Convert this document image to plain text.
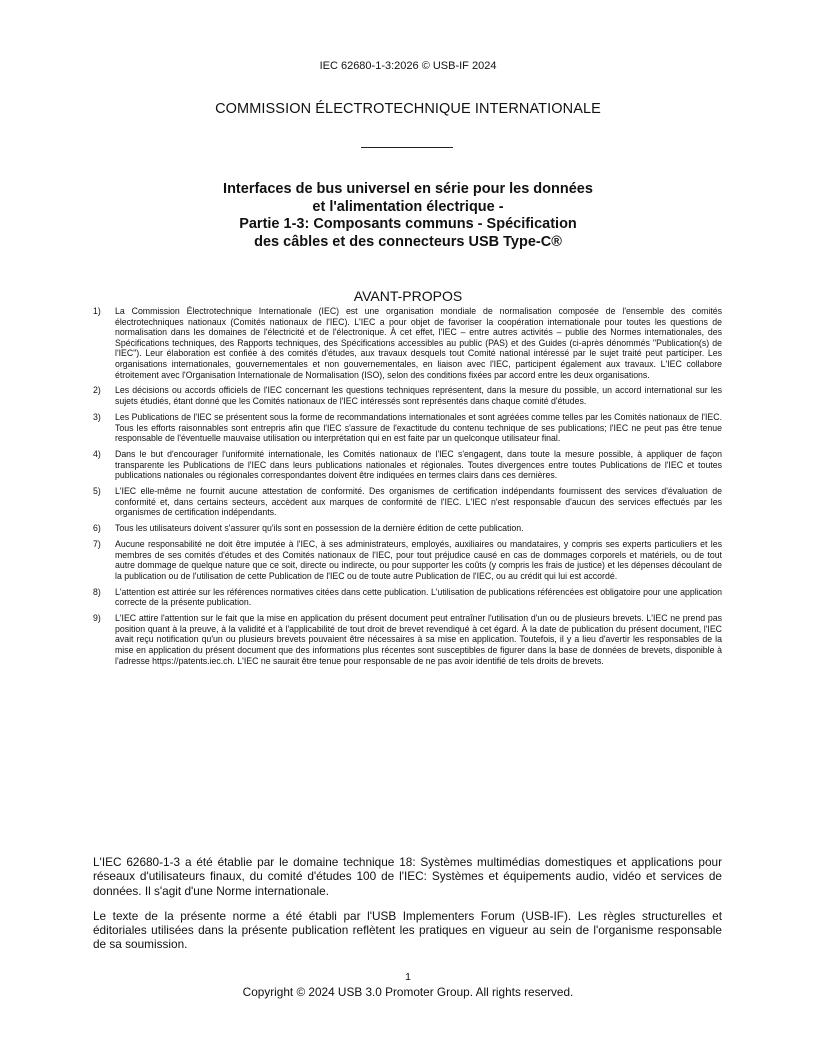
IEC 62680-1-3:2026 © USB-IF 2024
COMMISSION ÉLECTROTECHNIQUE INTERNATIONALE
Interfaces de bus universel en série pour les données
et l'alimentation électrique -
Partie 1-3: Composants communs - Spécification
des câbles et des connecteurs USB Type-C®
AVANT-PROPOS
1) La Commission Électrotechnique Internationale (IEC) est une organisation mondiale de normalisation composée de l'ensemble des comités électrotechniques nationaux (Comités nationaux de l'IEC). L'IEC a pour objet de favoriser la coopération internationale pour toutes les questions de normalisation dans les domaines de l'électricité et de l'électronique. À cet effet, l'IEC – entre autres activités – publie des Normes internationales, des Spécifications techniques, des Rapports techniques, des Spécifications accessibles au public (PAS) et des Guides (ci-après dénommés "Publication(s) de l'IEC"). Leur élaboration est confiée à des comités d'études, aux travaux desquels tout Comité national intéressé par le sujet traité peut participer. Les organisations internationales, gouvernementales et non gouvernementales, en liaison avec l'IEC, participent également aux travaux. L'IEC collabore étroitement avec l'Organisation Internationale de Normalisation (ISO), selon des conditions fixées par accord entre les deux organisations.
2) Les décisions ou accords officiels de l'IEC concernant les questions techniques représentent, dans la mesure du possible, un accord international sur les sujets étudiés, étant donné que les Comités nationaux de l'IEC intéressés sont représentés dans chaque comité d'études.
3) Les Publications de l'IEC se présentent sous la forme de recommandations internationales et sont agréées comme telles par les Comités nationaux de l'IEC. Tous les efforts raisonnables sont entrepris afin que l'IEC s'assure de l'exactitude du contenu technique de ses publications; l'IEC ne peut pas être tenue responsable de l'éventuelle mauvaise utilisation ou interprétation qui en est faite par un quelconque utilisateur final.
4) Dans le but d'encourager l'uniformité internationale, les Comités nationaux de l'IEC s'engagent, dans toute la mesure possible, à appliquer de façon transparente les Publications de l'IEC dans leurs publications nationales et régionales. Toutes divergences entre toutes Publications de l'IEC et toutes publications nationales ou régionales correspondantes doivent être indiquées en termes clairs dans ces dernières.
5) L'IEC elle-même ne fournit aucune attestation de conformité. Des organismes de certification indépendants fournissent des services d'évaluation de conformité et, dans certains secteurs, accèdent aux marques de conformité de l'IEC. L'IEC n'est responsable d'aucun des services effectués par les organismes de certification indépendants.
6) Tous les utilisateurs doivent s'assurer qu'ils sont en possession de la dernière édition de cette publication.
7) Aucune responsabilité ne doit être imputée à l'IEC, à ses administrateurs, employés, auxiliaires ou mandataires, y compris ses experts particuliers et les membres de ses comités d'études et des Comités nationaux de l'IEC, pour tout préjudice causé en cas de dommages corporels et matériels, ou de tout autre dommage de quelque nature que ce soit, directe ou indirecte, ou pour supporter les coûts (y compris les frais de justice) et les dépenses découlant de la publication ou de l'utilisation de cette Publication de l'IEC ou de toute autre Publication de l'IEC, ou au crédit qui lui est accordé.
8) L'attention est attirée sur les références normatives citées dans cette publication. L'utilisation de publications référencées est obligatoire pour une application correcte de la présente publication.
9) L'IEC attire l'attention sur le fait que la mise en application du présent document peut entraîner l'utilisation d'un ou de plusieurs brevets. L'IEC ne prend pas position quant à la preuve, à la validité et à l'applicabilité de tout droit de brevet revendiqué à cet égard. À la date de publication du présent document, l'IEC avait reçu notification qu'un ou plusieurs brevets pouvaient être nécessaires à sa mise en application. Toutefois, il y a lieu d'avertir les responsables de la mise en application du présent document que des informations plus récentes sont susceptibles de figurer dans la base de données de brevets, disponible à l'adresse https://patents.iec.ch. L'IEC ne saurait être tenue pour responsable de ne pas avoir identifié de tels droits de brevets.

L'IEC 62680-1-3 a été établie par le domaine technique 18: Systèmes multimédias domestiques et applications pour réseaux d'utilisateurs finaux, du comité d'études 100 de l'IEC: Systèmes et équipements audio, vidéo et services de données. Il s'agit d'une Norme internationale.

Le texte de la présente norme a été établi par l'USB Implementers Forum (USB-IF). Les règles structurelles et éditoriales utilisées dans la présente publication reflètent les pratiques en vigueur au sein de l'organisme responsable de sa soumission.

1
Copyright © 2024 USB 3.0 Promoter Group. All rights reserved.
